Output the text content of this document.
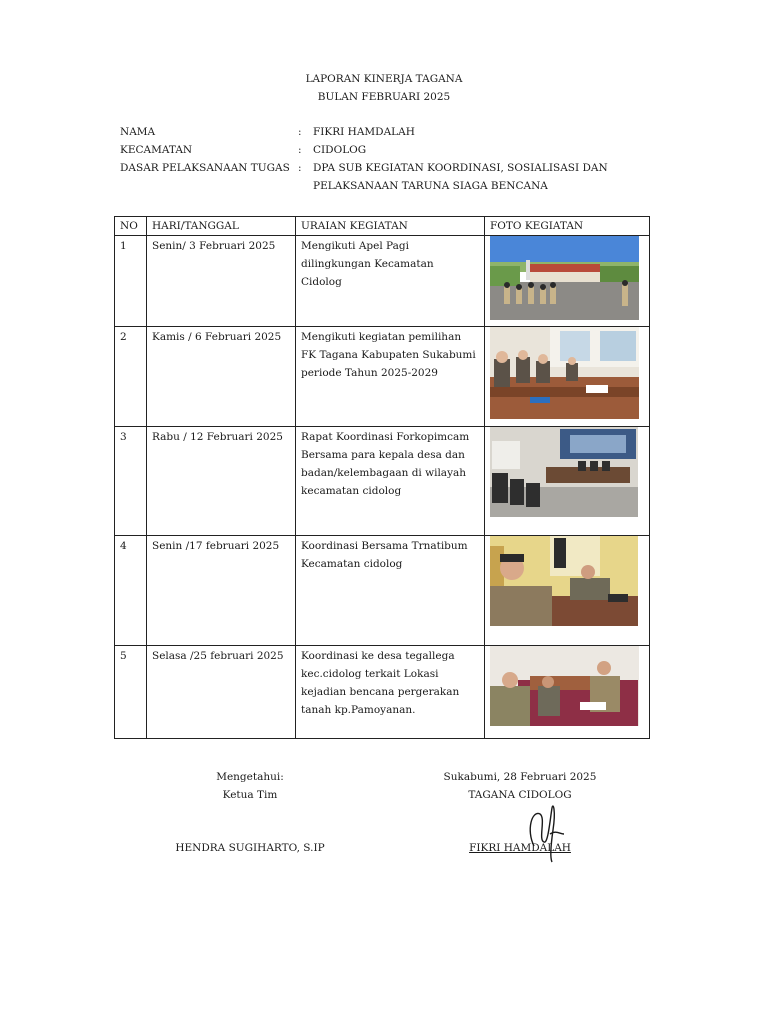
LAPORAN KINERJA TAGANA
BULAN FEBRUARI 2025
NAMA	: FIKRI HAMDALAH
KECAMATAN	: CIDOLOG
DASAR PELAKSANAAN TUGAS : DPA SUB KEGIATAN KOORDINASI, SOSIALISASI DAN
PELAKSANAAN TARUNA SIAGA BENCANA
NO	HARI/TANGGAL	URAIAN KEGIATAN	FOTO KEGIATAN
1	Senin/ 3 Februari 2025	Mengikuti Apel Pagi
dilingkungan Kecamatan
Cidolog

2	Kamis / 6 Februari 2025	Mengikuti kegiatan pemilihan
FK Tagana Kabupaten Sukabumi
periode Tahun 2025-2029

3	Rabu / 12 Februari 2025	Rapat Koordinasi Forkopimcam
Bersama para kepala desa dan
badan/kelembagaan di wilayah
kecamatan cidolog

4	Senin /17 februari 2025	Koordinasi Bersama Trnatibum
Kecamatan cidolog

5	Selasa /25 februari 2025	Koordinasi ke desa tegallega
kec.cidolog terkait Lokasi
kejadian bencana pergerakan
tanah kp.Pamoyanan.

Mengetahui:
Ketua Tim
HENDRA SUGIHARTO, S.IP
Sukabumi, 28 Februari 2025
TAGANA CIDOLOG
FIKRI HAMDALAH
